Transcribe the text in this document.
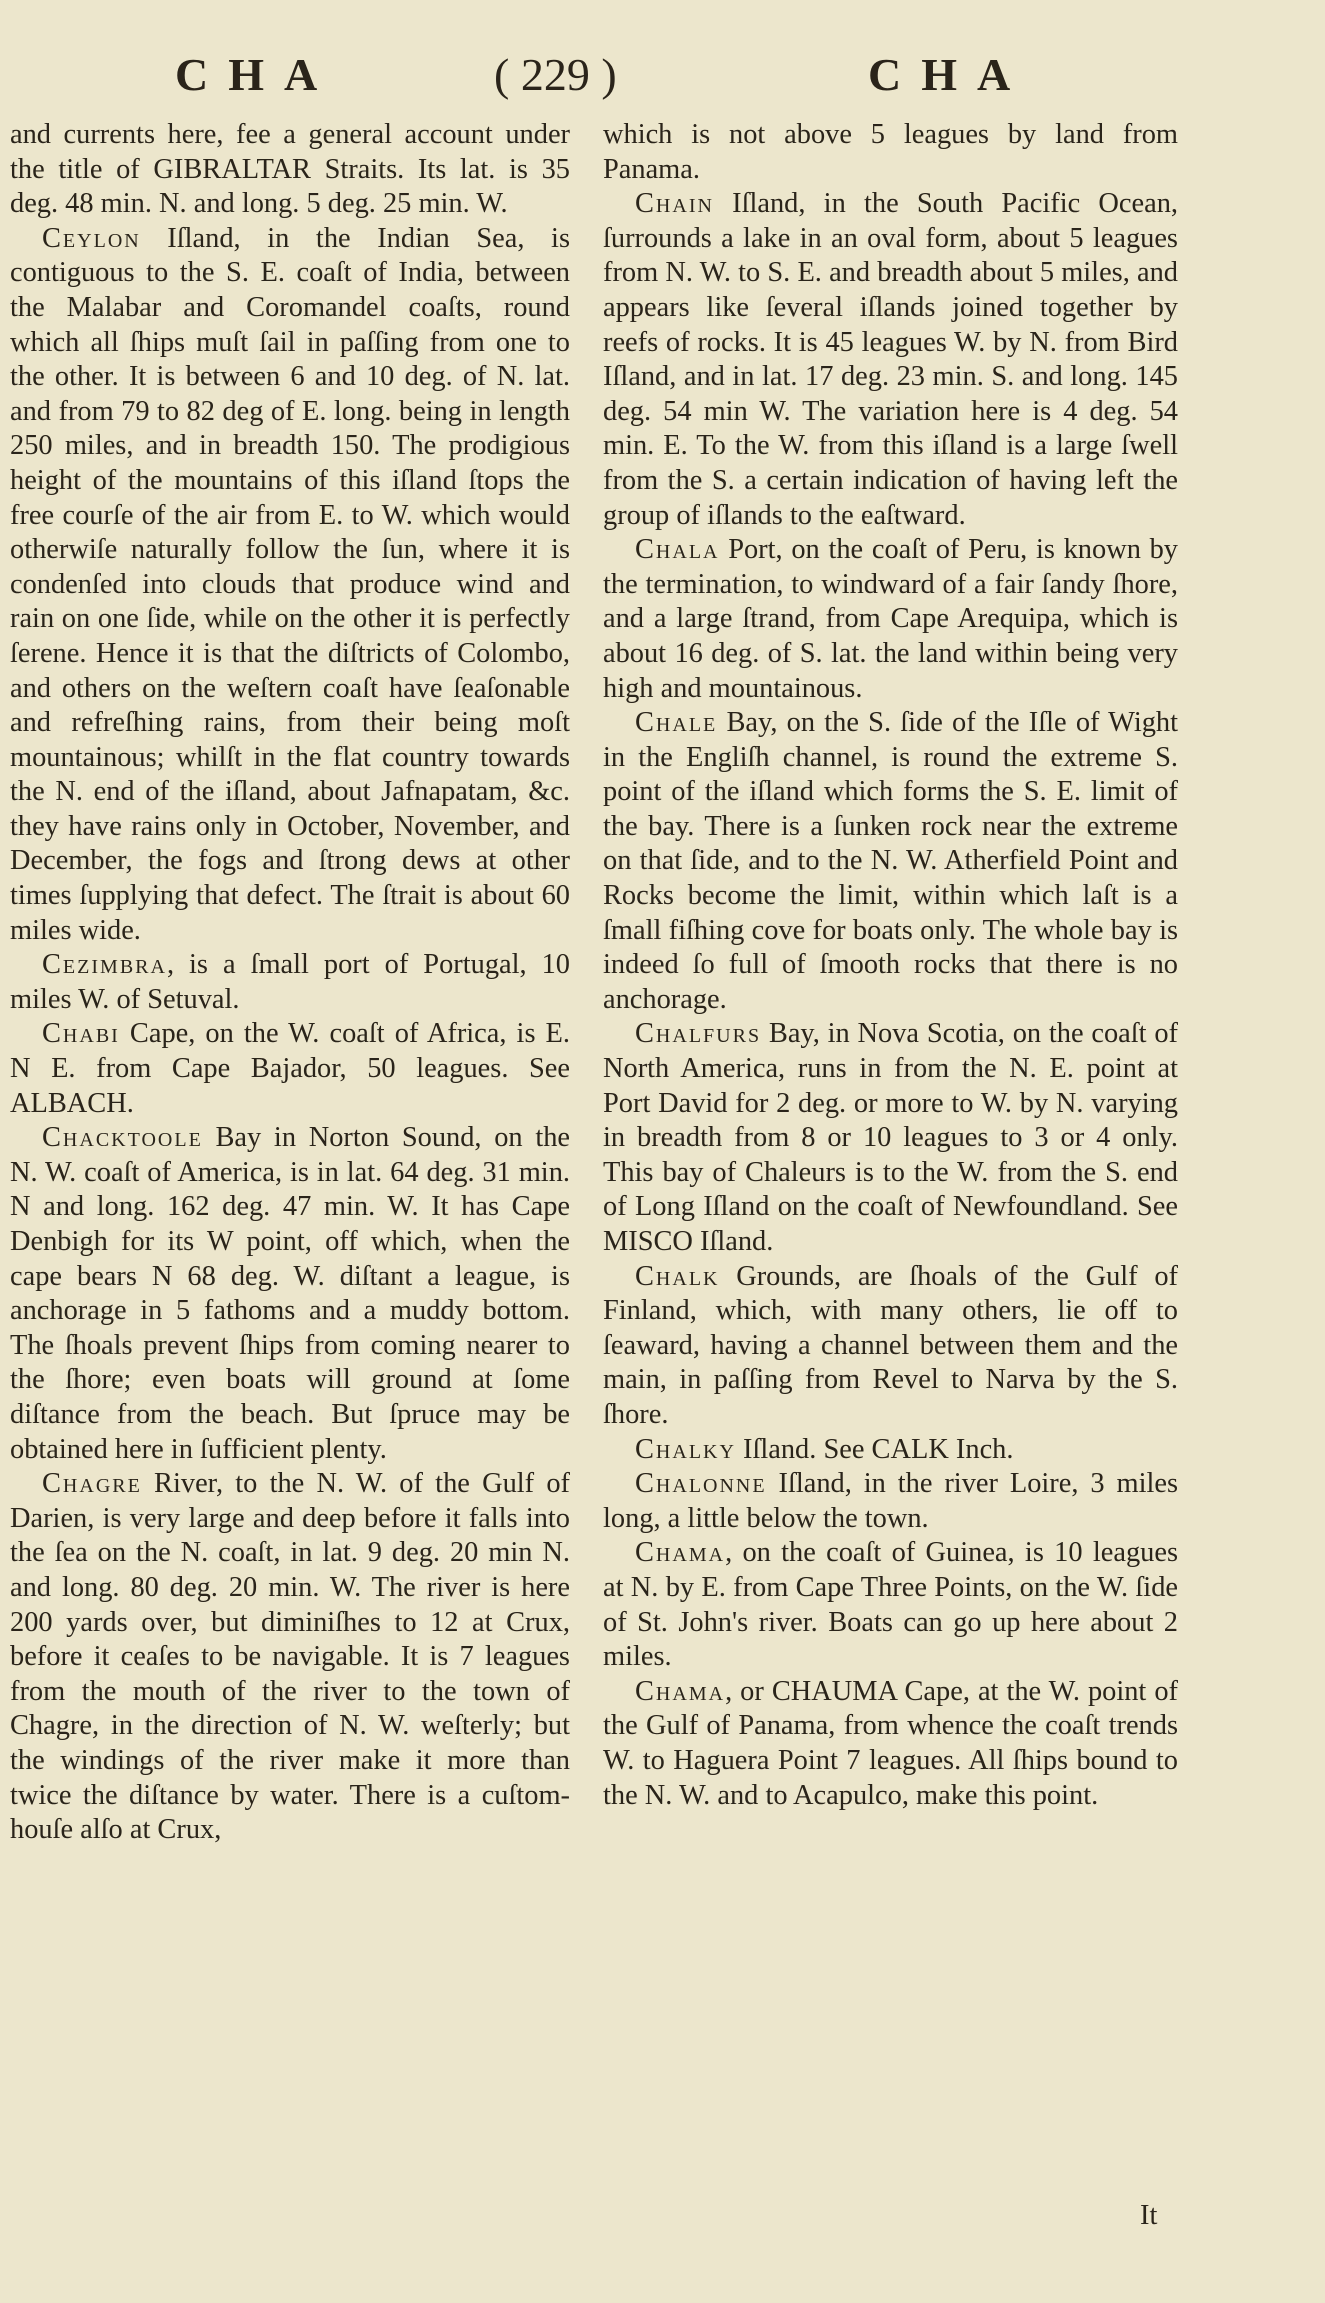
CHA	( 229 )	CHA

and currents here, fee a general account under the title of GIBRALTAR Straits. Its lat. is 35 deg. 48 min. N. and long. 5 deg. 25 min. W.

Ceylon Iſland, in the Indian Sea, is contiguous to the S. E. coaſt of India, between the Malabar and Coromandel coaſts, round which all ſhips muſt ſail in paſſing from one to the other. It is between 6 and 10 deg. of N. lat. and from 79 to 82 deg of E. long. being in length 250 miles, and in breadth 150. The prodigious height of the mountains of this iſland ſtops the free courſe of the air from E. to W. which would otherwiſe naturally follow the ſun, where it is condenſed into clouds that produce wind and rain on one ſide, while on the other it is perfectly ſerene. Hence it is that the diſtricts of Colombo, and others on the weſtern coaſt have ſeaſonable and refreſhing rains, from their being moſt mountainous; whilſt in the flat country towards the N. end of the iſland, about Jafnapatam, &c. they have rains only in October, November, and December, the fogs and ſtrong dews at other times ſupplying that defect. The ſtrait is about 60 miles wide.

Cezimbra, is a ſmall port of Portugal, 10 miles W. of Setuval.

Chabi Cape, on the W. coaſt of Africa, is E. N E. from Cape Bajador, 50 leagues. See ALBACH.

Chacktoole Bay in Norton Sound, on the N. W. coaſt of America, is in lat. 64 deg. 31 min. N and long. 162 deg. 47 min. W. It has Cape Denbigh for its W point, off which, when the cape bears N 68 deg. W. diſtant a league, is anchorage in 5 fathoms and a muddy bottom. The ſhoals prevent ſhips from coming nearer to the ſhore; even boats will ground at ſome diſtance from the beach. But ſpruce may be obtained here in ſufficient plenty.

Chagre River, to the N. W. of the Gulf of Darien, is very large and deep before it falls into the ſea on the N. coaſt, in lat. 9 deg. 20 min N. and long. 80 deg. 20 min. W. The river is here 200 yards over, but diminiſhes to 12 at Crux, before it ceaſes to be navigable. It is 7 leagues from the mouth of the river to the town of Chagre, in the direction of N. W. weſterly; but the windings of the river make it more than twice the diſtance by water. There is a cuſtom-houſe alſo at Crux,

which is not above 5 leagues by land from Panama.

Chain Iſland, in the South Pacific Ocean, ſurrounds a lake in an oval form, about 5 leagues from N. W. to S. E. and breadth about 5 miles, and appears like ſeveral iſlands joined together by reefs of rocks. It is 45 leagues W. by N. from Bird Iſland, and in lat. 17 deg. 23 min. S. and long. 145 deg. 54 min W. The variation here is 4 deg. 54 min. E. To the W. from this iſland is a large ſwell from the S. a certain indication of having left the group of iſlands to the eaſtward.

Chala Port, on the coaſt of Peru, is known by the termination, to windward of a fair ſandy ſhore, and a large ſtrand, from Cape Arequipa, which is about 16 deg. of S. lat. the land within being very high and mountainous.

Chale Bay, on the S. ſide of the Iſle of Wight in the Engliſh channel, is round the extreme S. point of the iſland which forms the S. E. limit of the bay. There is a ſunken rock near the extreme on that ſide, and to the N. W. Atherfield Point and Rocks become the limit, within which laſt is a ſmall fiſhing cove for boats only. The whole bay is indeed ſo full of ſmooth rocks that there is no anchorage.

Chalfurs Bay, in Nova Scotia, on the coaſt of North America, runs in from the N. E. point at Port David for 2 deg. or more to W. by N. varying in breadth from 8 or 10 leagues to 3 or 4 only. This bay of Chaleurs is to the W. from the S. end of Long Iſland on the coaſt of Newfoundland. See MISCO Iſland.

Chalk Grounds, are ſhoals of the Gulf of Finland, which, with many others, lie off to ſeaward, having a channel between them and the main, in paſſing from Revel to Narva by the S. ſhore.

Chalky Iſland. See CALK Inch.

Chalonne Iſland, in the river Loire, 3 miles long, a little below the town.

Chama, on the coaſt of Guinea, is 10 leagues at N. by E. from Cape Three Points, on the W. ſide of St. John's river. Boats can go up here about 2 miles.

Chama, or CHAUMA Cape, at the W. point of the Gulf of Panama, from whence the coaſt trends W. to Haguera Point 7 leagues. All ſhips bound to the N. W. and to Acapulco, make this point.

It
